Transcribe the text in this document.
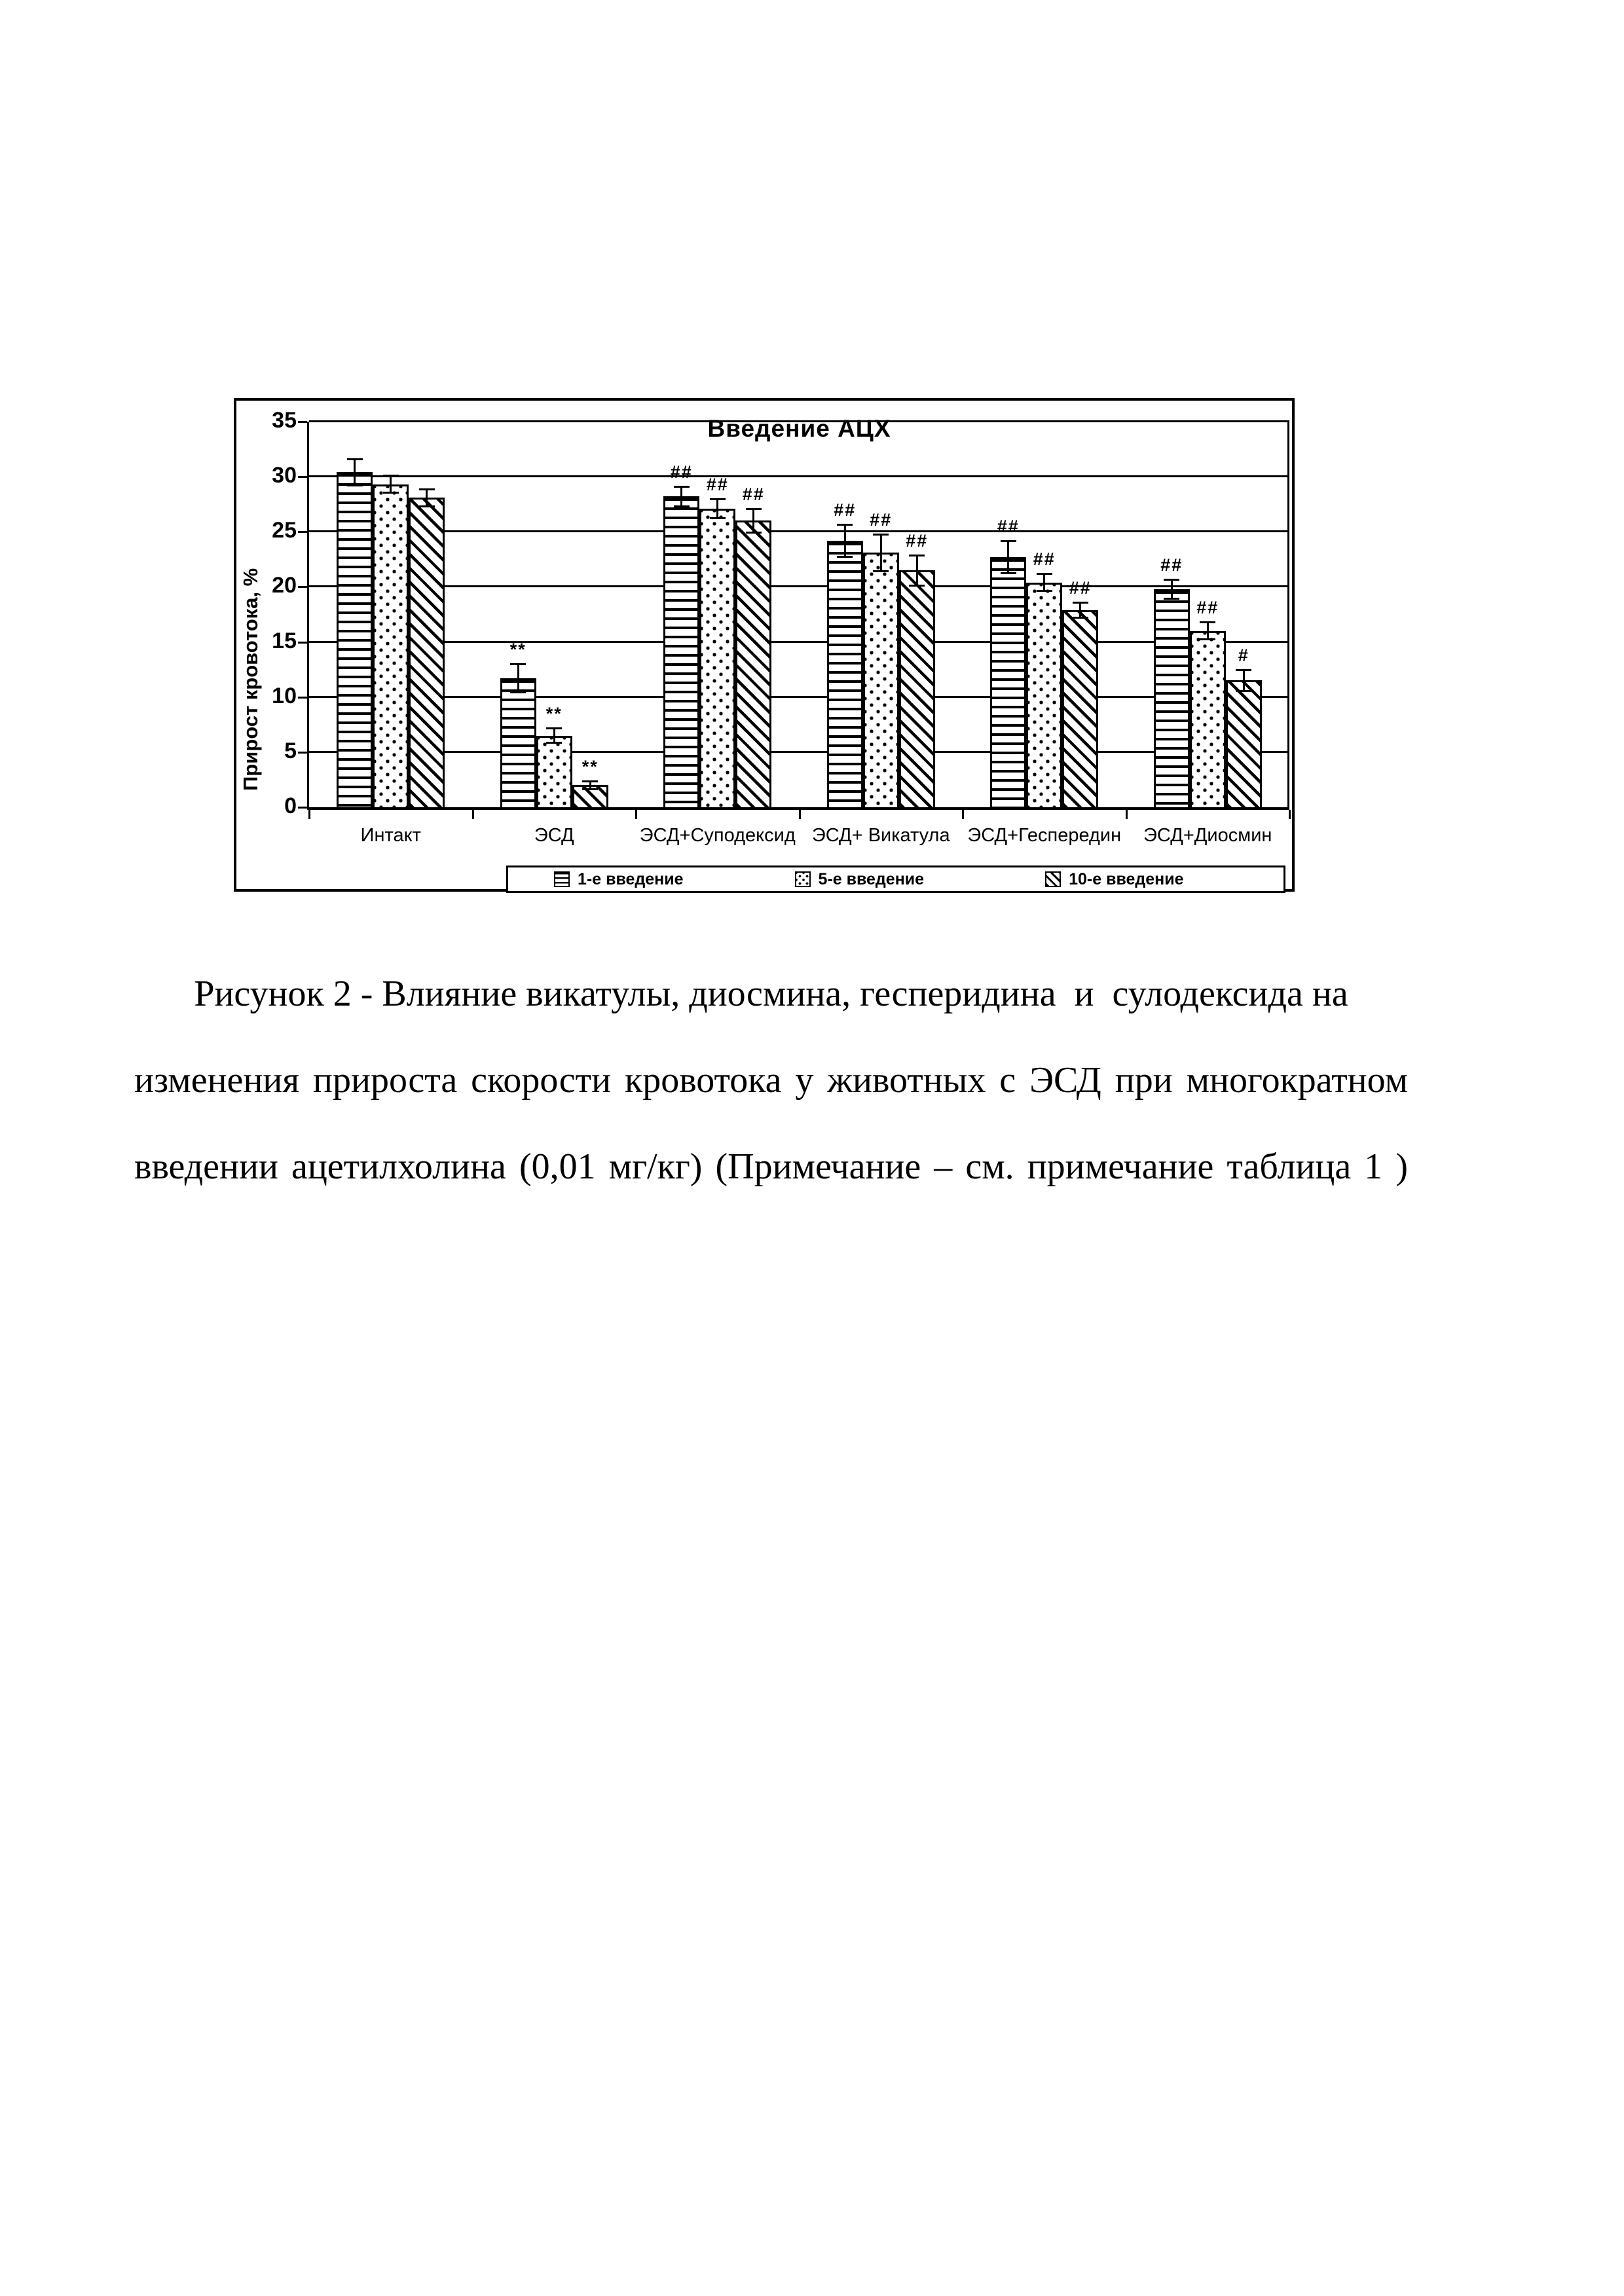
Введение АЦХ
Прирост кровотока, %
0
5
10
15
20
25
30
35
**
**
**
##
##
##
##
##
##
##
##
##
##
##
#
Интакт	ЭСД	ЭСД+Суподексид ЭСД+ Викатула ЭСД+Геспередин	ЭСД+Диосмин
1-е введение	5-е введение	10-е введение
Рисунок 2 - Влияние викатулы, диосмина, гесперидина  и  сулодексида на
изменения прироста скорости кровотока у животных с ЭСД при многократном
введении ацетилхолина (0,01 мг/кг) (Примечание – см. примечание таблица 1 )
